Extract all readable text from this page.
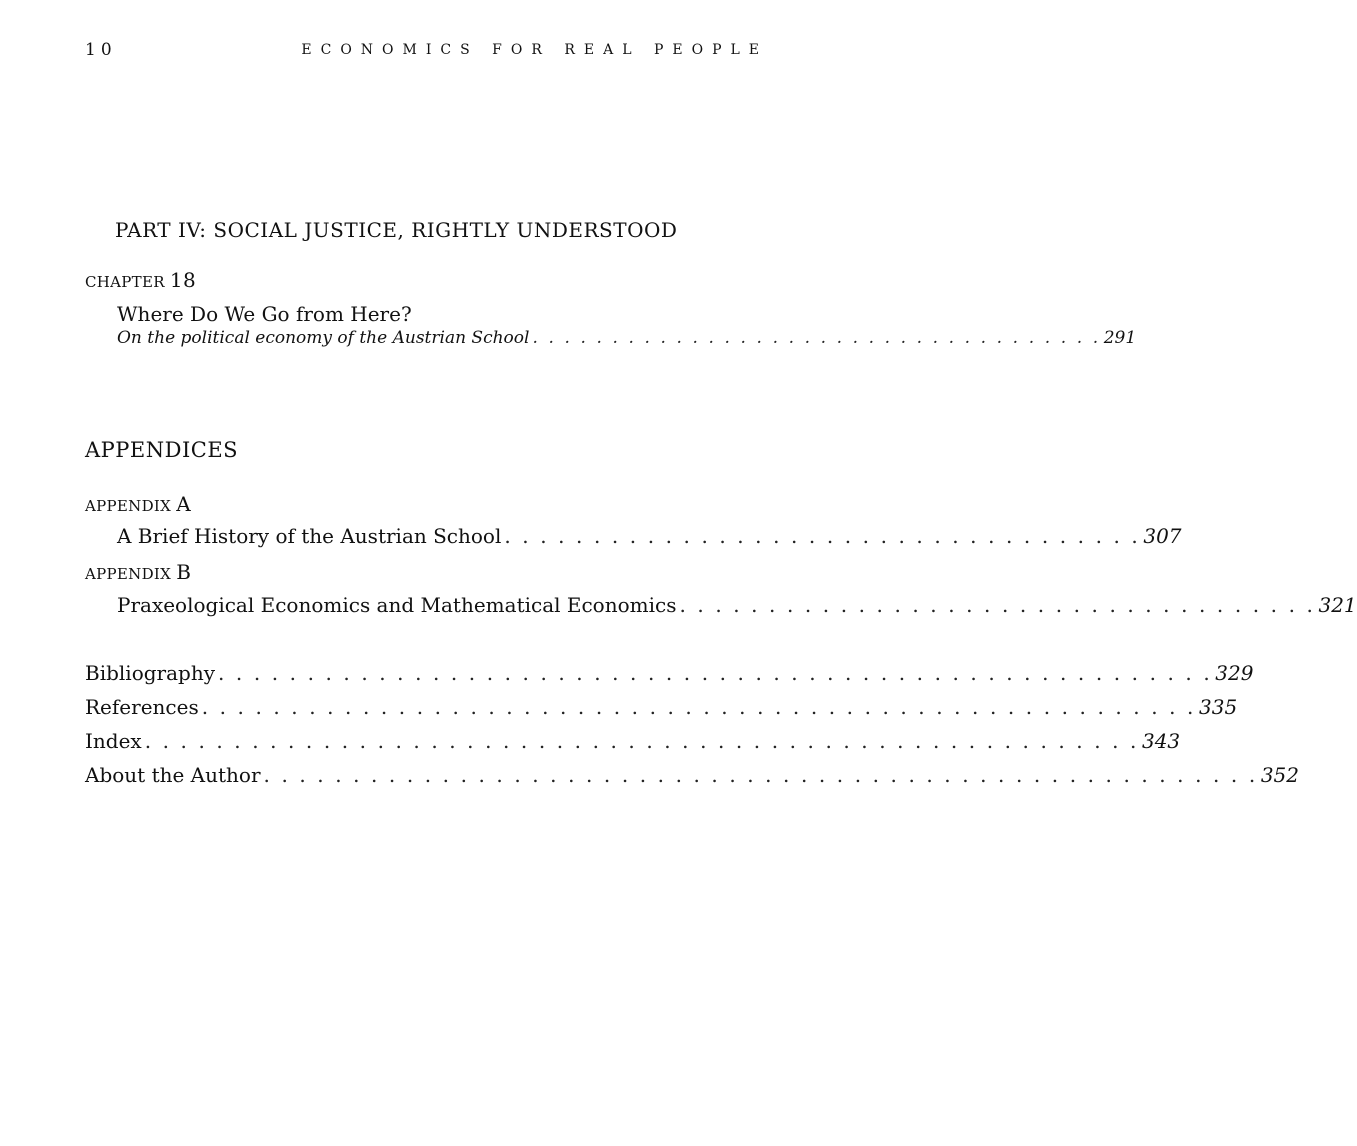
10	ECONOMICS FOR REAL PEOPLE
PART IV: SOCIAL JUSTICE, RIGHTLY UNDERSTOOD
CHAPTER 18
Where Do We Go from Here?
On the political economy of the Austrian School . . . . . . . . . . . . . . . . . . . . . . . . . . . . . . . . . . . . 291
APPENDICES
APPENDIX A
A Brief History of the Austrian School . . . . . . . . . . . . . . . . . . . . . . . . . . . . . . . . . . . . 307
APPENDIX B
Praxeological Economics and Mathematical Economics . . . . . . . . . . . . . . . . . . . . . . . . . . . . . . . . . . . . 321
Bibliography . . . . . . . . . . . . . . . . . . . . . . . . . . . . . . . . . . . . . . . . . . . . . . . . . . . . . . . . 329
References . . . . . . . . . . . . . . . . . . . . . . . . . . . . . . . . . . . . . . . . . . . . . . . . . . . . . . . . 335
Index . . . . . . . . . . . . . . . . . . . . . . . . . . . . . . . . . . . . . . . . . . . . . . . . . . . . . . . . 343
About the Author . . . . . . . . . . . . . . . . . . . . . . . . . . . . . . . . . . . . . . . . . . . . . . . . . . . . . . . . 352
